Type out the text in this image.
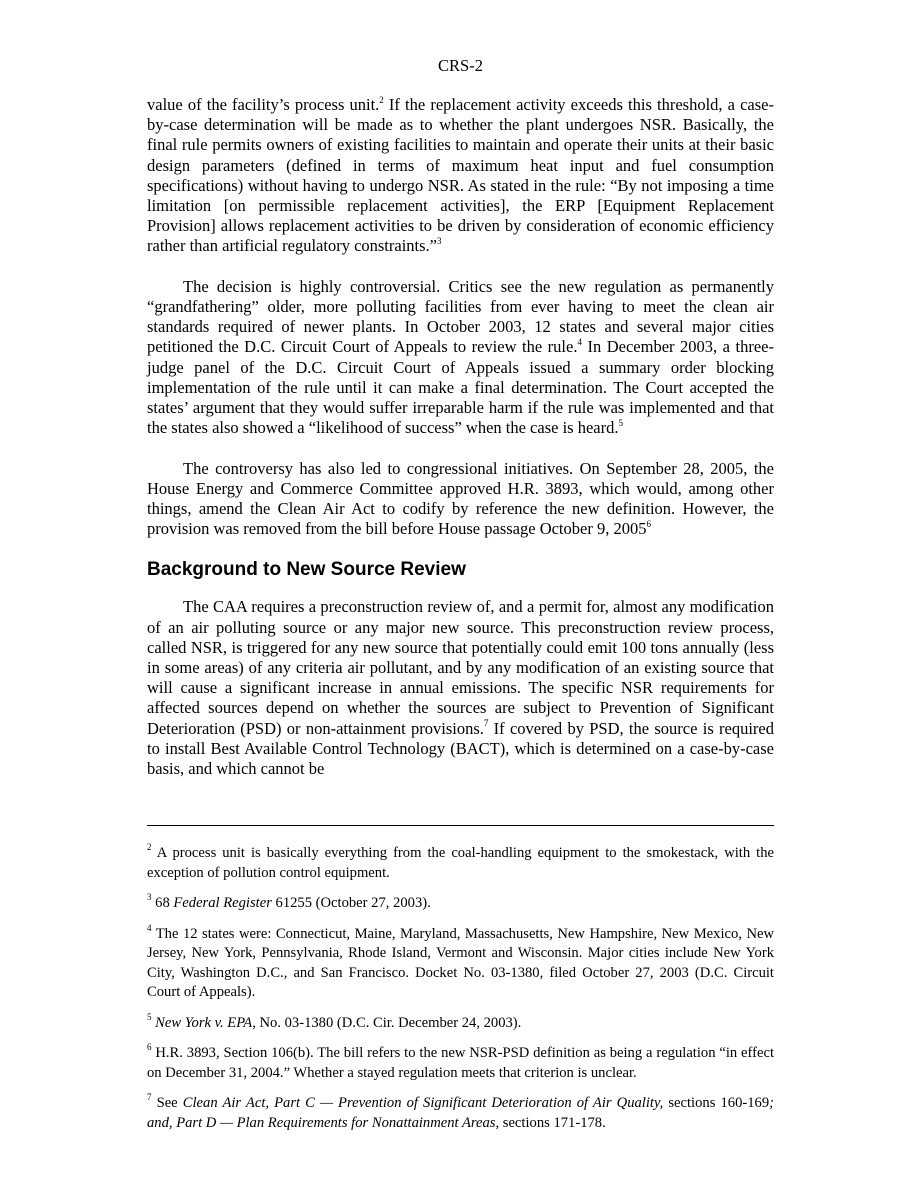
CRS-2

value of the facility’s process unit.$^2$ If the replacement activity exceeds this threshold, a case-by-case determination will be made as to whether the plant undergoes NSR. Basically, the final rule permits owners of existing facilities to maintain and operate their units at their basic design parameters (defined in terms of maximum heat input and fuel consumption specifications) without having to undergo NSR. As stated in the rule: “By not imposing a time limitation [on permissible replacement activities], the ERP [Equipment Replacement Provision] allows replacement activities to be driven by consideration of economic efficiency rather than artificial regulatory constraints.”$^3$

The decision is highly controversial. Critics see the new regulation as permanently “grandfathering” older, more polluting facilities from ever having to meet the clean air standards required of newer plants. In October 2003, 12 states and several major cities petitioned the D.C. Circuit Court of Appeals to review the rule.$^4$ In December 2003, a three-judge panel of the D.C. Circuit Court of Appeals issued a summary order blocking implementation of the rule until it can make a final determination. The Court accepted the states’ argument that they would suffer irreparable harm if the rule was implemented and that the states also showed a “likelihood of success” when the case is heard.$^5$

The controversy has also led to congressional initiatives. On September 28, 2005, the House Energy and Commerce Committee approved H.R. 3893, which would, among other things, amend the Clean Air Act to codify by reference the new definition. However, the provision was removed from the bill before House passage October 9, 2005$^6$

Background to New Source Review

The CAA requires a preconstruction review of, and a permit for, almost any modification of an air polluting source or any major new source. This preconstruction review process, called NSR, is triggered for any new source that potentially could emit 100 tons annually (less in some areas) of any criteria air pollutant, and by any modification of an existing source that will cause a significant increase in annual emissions. The specific NSR requirements for affected sources depend on whether the sources are subject to Prevention of Significant Deterioration (PSD) or non-attainment provisions.$^7$ If covered by PSD, the source is required to install Best Available Control Technology (BACT), which is determined on a case-by-case basis, and which cannot be

$^2$ A process unit is basically everything from the coal-handling equipment to the smokestack, with the exception of pollution control equipment.
$^3$ 68 Federal Register 61255 (October 27, 2003).
$^4$ The 12 states were: Connecticut, Maine, Maryland, Massachusetts, New Hampshire, New Mexico, New Jersey, New York, Pennsylvania, Rhode Island, Vermont and Wisconsin. Major cities include New York City, Washington D.C., and San Francisco. Docket No. 03-1380, filed October 27, 2003 (D.C. Circuit Court of Appeals).
$^5$ New York v. EPA, No. 03-1380 (D.C. Cir. December 24, 2003).
$^6$ H.R. 3893, Section 106(b). The bill refers to the new NSR-PSD definition as being a regulation “in effect on December 31, 2004.” Whether a stayed regulation meets that criterion is unclear.
$^7$ See Clean Air Act, Part C — Prevention of Significant Deterioration of Air Quality, sections 160-169; and, Part D — Plan Requirements for Nonattainment Areas, sections 171-178.
